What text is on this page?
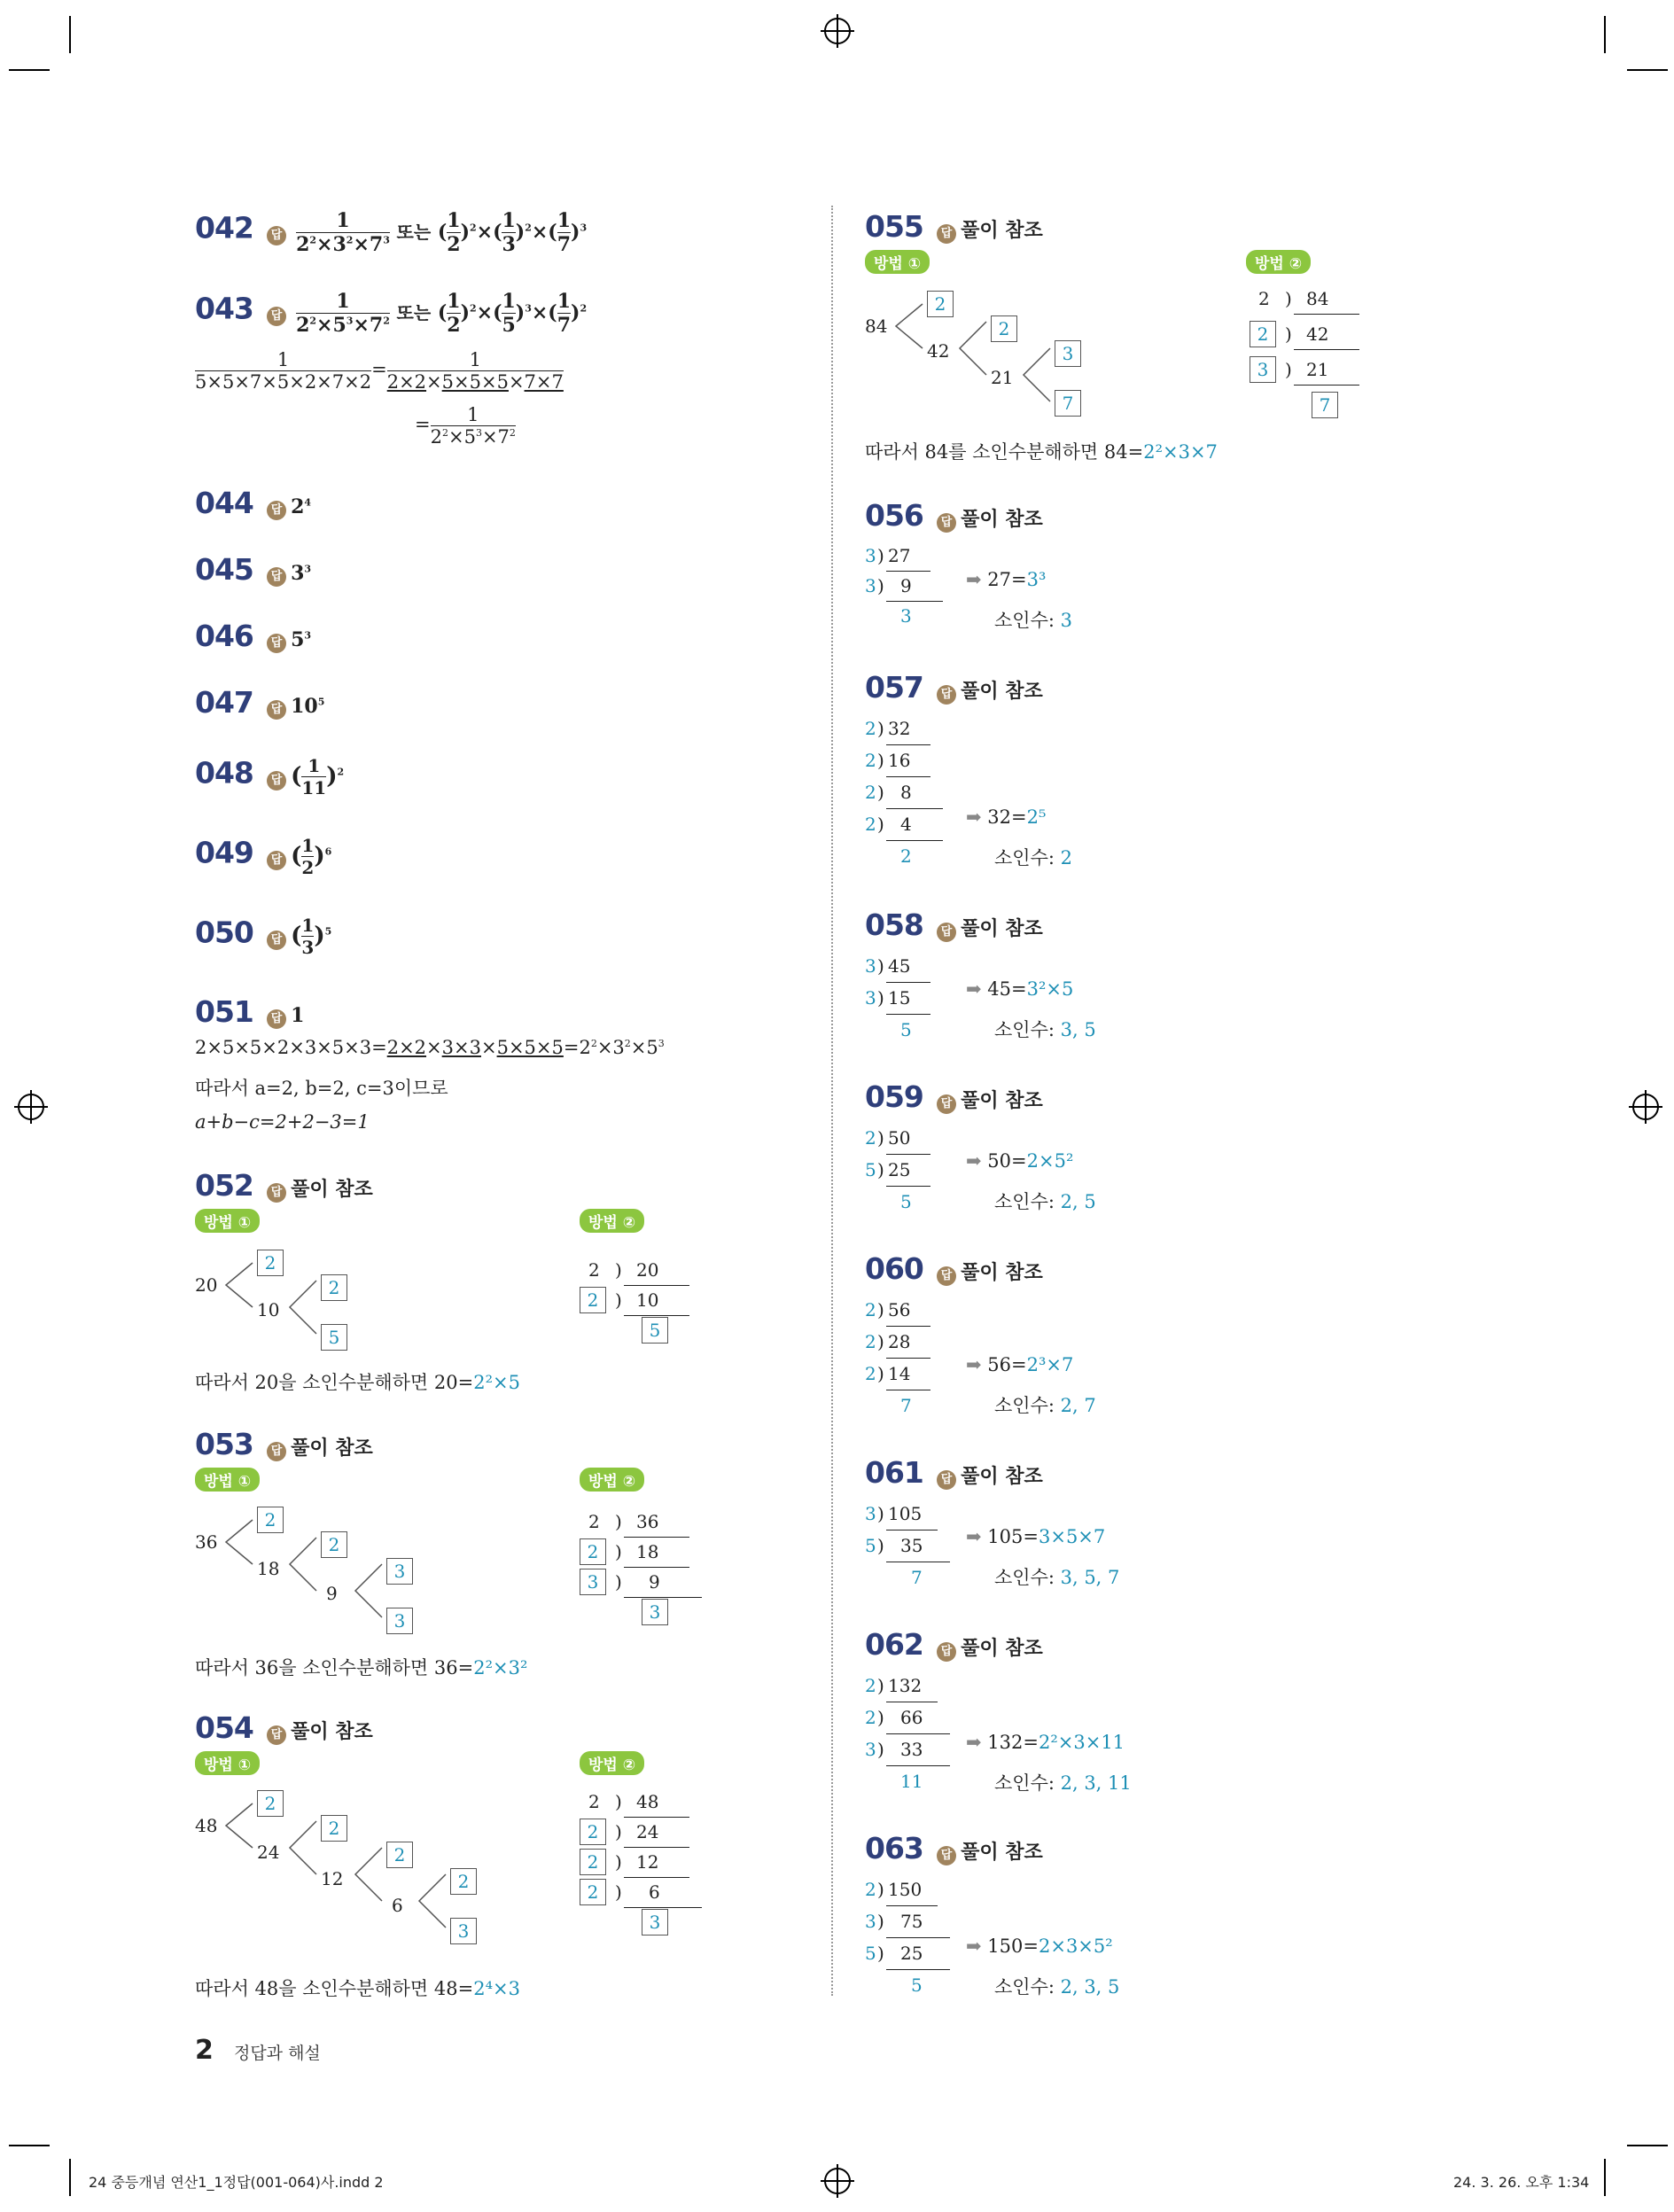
042 답 $\frac{1}{2^2\times 3^2\times 7^3}$ 또는 ( $\frac{1}{2} )^2\times( \frac{1}{3} )^2\times( \frac{1}{7} )^3$
043 답 $\frac{1}{2^2\times 5^3\times 7^2}$ 또는 ( $\frac{1}{2} )^2\times( \frac{1}{5} )^3\times( \frac{1}{7} )^2$
$\frac{1}{5\times 5\times 7\times 5\times 2\times 7\times 2} = \frac{1}{2\times 2\times 5\times 5\times 5\times 7\times 7}$
= $\frac{1}{2^2\times 5^3\times 7^2}$
044 답 $2^4$
045 답 $3^3$
046 답 $5^3$
047 답 $10^5$
048 답 ( $\frac{1}{11} )^2$
049 답 ( $\frac{1}{2} )^6$
050 답 ( $\frac{1}{3} )^5$
051 답 1
$2\times 5\times 5\times 2\times 3\times 5\times 3=2\times 2\times 3\times 3\times 5\times 5\times 5=2^2\times 3^2\times 5^3$
따라서 a=2, b=2, c=3이므로
a+b−c=2+2−3=1
052 답 풀이 참조
방법 ①	방법 ②
20
2
10
2
5
2 ) 20
2 ) 10
5
따라서 20을 소인수분해하면 20=2²×5
053 답 풀이 참조
방법 ①	방법 ②
36
2
18
2
9
3
3
2 ) 36
2 ) 18
3 )	9
3
따라서 36을 소인수분해하면 36=2²×3²
054 답 풀이 참조
방법 ①	방법 ②
48
2
24
2
12
2
6
2
3
2 ) 48
2 ) 24
2 ) 12
2 )	6
3
따라서 48을 소인수분해하면 48=2⁴×3
055 답 풀이 참조
방법 ①	방법 ②
84
2
42
2
21
3
7
2 ) 84
2 ) 42
3 ) 21
7
따라서 84를 소인수분해하면 84=2²×3×7
056 답 풀이 참조
3 ) 27
3 ) 9
3
➡ 27=3³
소인수: 3
057 답 풀이 참조
2 ) 32
2 ) 16
2 ) 8
2 ) 4
2
➡ 32=2⁵
소인수: 2
058 답 풀이 참조
3 ) 45
3 ) 15
5
➡ 45=3²×5
소인수: 3, 5
059 답 풀이 참조
2 ) 50
5 ) 25
5
➡ 50=2×5²
소인수: 2, 5
060 답 풀이 참조
2 ) 56
2 ) 28
2 ) 14
7
➡ 56=2³×7
소인수: 2, 7
061 답 풀이 참조
3 ) 105
5 ) 35
7
➡ 105=3×5×7
소인수: 3, 5, 7
062 답 풀이 참조
2 ) 132
2 ) 66
3 ) 33
11
➡ 132=2²×3×11
소인수: 2, 3, 11
063 답 풀이 참조
2 ) 150
3 ) 75
5 ) 25
5
➡ 150=2×3×5²
소인수: 2, 3, 5
2 정답과 해설
24 중등개념 연산1_1정답(001-064)사.indd 2	24. 3. 26. 오후 1:34
